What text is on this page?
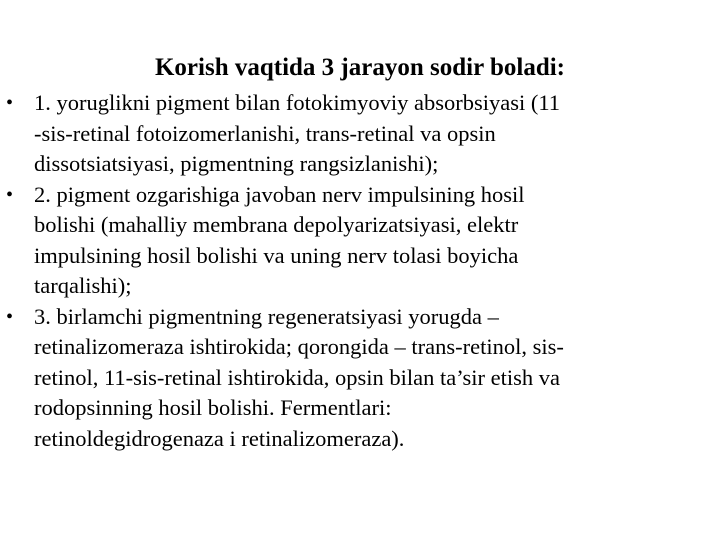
Korish vaqtida 3 jarayon sodir boladi:
• 1. yoruglikni pigment bilan fotokimyoviy absorbsiyasi (11
-sis-retinal fotoizomerlanishi, trans-retinal va opsin
dissotsiatsiyasi, pigmentning rangsizlanishi);
• 2. pigment ozgarishiga javoban nerv impulsining hosil
bolishi (mahalliy membrana depolyarizatsiyasi, elektr
impulsining hosil bolishi va uning nerv tolasi boyicha
tarqalishi);
• 3. birlamchi pigmentning regeneratsiyasi yorugda –
retinalizomeraza ishtirokida; qorongida – trans-retinol, sis-
retinol, 11-sis-retinal ishtirokida, opsin bilan ta’sir etish va
rodopsinning hosil bolishi. Fermentlari:
retinoldegidrogenaza i retinalizomeraza).
